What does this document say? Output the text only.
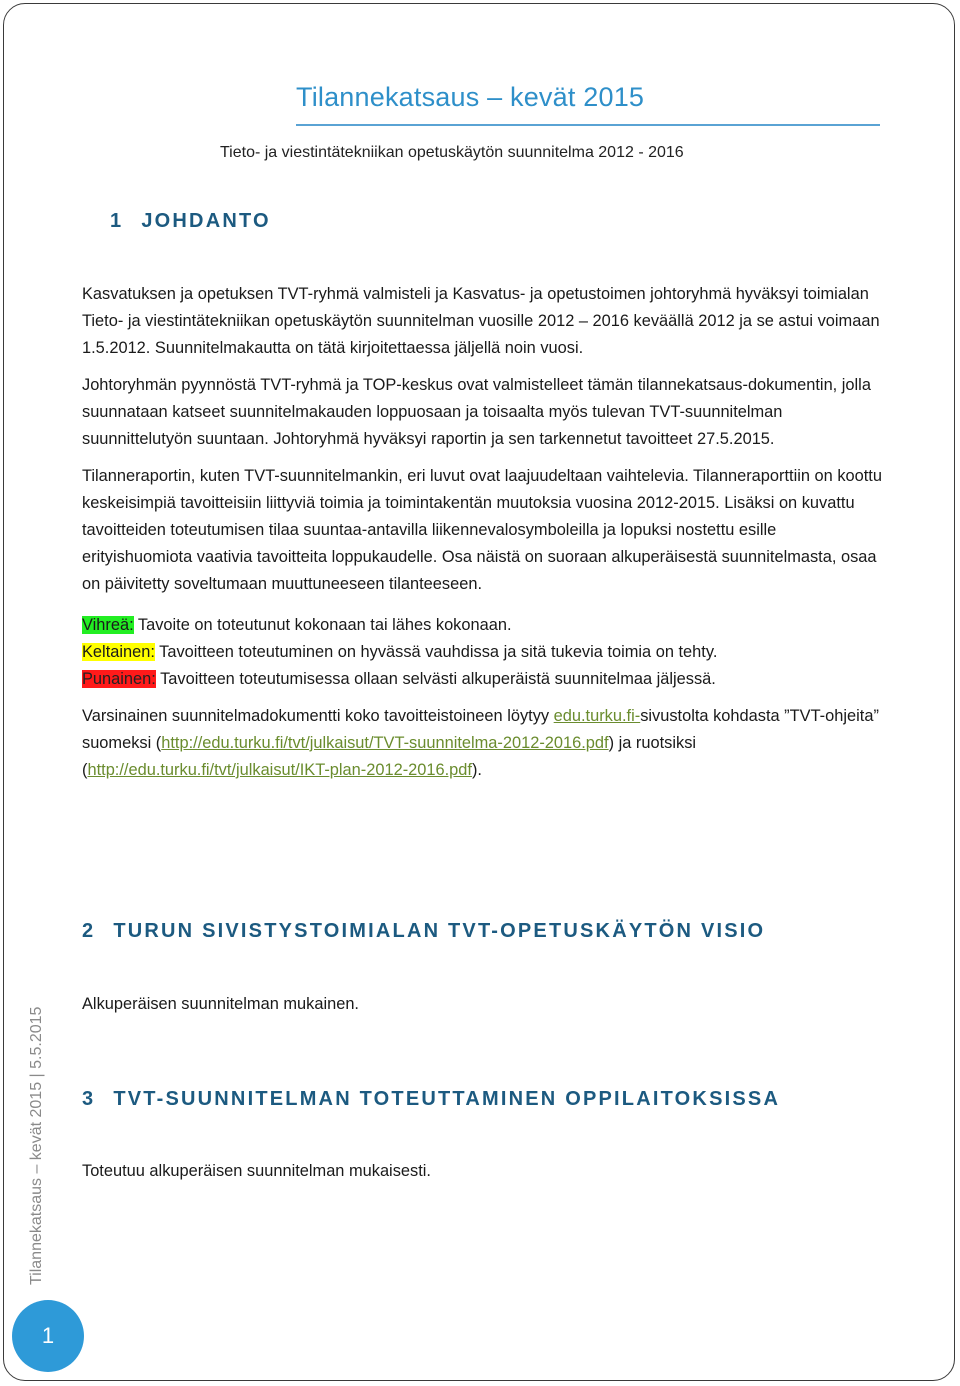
Tilannekatsaus – kevät 2015
Tieto- ja viestintätekniikan opetuskäytön suunnitelma 2012 - 2016
1 JOHDANTO

Kasvatuksen ja opetuksen TVT-ryhmä valmisteli ja Kasvatus- ja opetustoimen johtoryhmä hyväksyi toimialan Tieto- ja viestintätekniikan opetuskäytön suunnitelman vuosille 2012 – 2016 keväällä 2012 ja se astui voimaan 1.5.2012. Suunnitelmakautta on tätä kirjoitettaessa jäljellä noin vuosi.

Johtoryhmän pyynnöstä TVT-ryhmä ja TOP-keskus ovat valmistelleet tämän tilannekatsaus-dokumentin, jolla suunnataan katseet suunnitelmakauden loppuosaan ja toisaalta myös tulevan TVT-suunnitelman suunnittelutyön suuntaan. Johtoryhmä hyväksyi raportin ja sen tarkennetut tavoitteet 27.5.2015.

Tilanneraportin, kuten TVT-suunnitelmankin, eri luvut ovat laajuudeltaan vaihtelevia. Tilanneraporttiin on koottu keskeisimpiä tavoitteisiin liittyviä toimia ja toimintakentän muutoksia vuosina 2012-2015. Lisäksi on kuvattu tavoitteiden toteutumisen tilaa suuntaa-antavilla liikennevalosymboleilla ja lopuksi nostettu esille erityishuomiota vaativia tavoitteita loppukaudelle. Osa näistä on suoraan alkuperäisestä suunnitelmasta, osaa on päivitetty soveltumaan muuttuneeseen tilanteeseen.

Vihreä: Tavoite on toteutunut kokonaan tai lähes kokonaan.

Keltainen: Tavoitteen toteutuminen on hyvässä vauhdissa ja sitä tukevia toimia on tehty.

Punainen: Tavoitteen toteutumisessa ollaan selvästi alkuperäistä suunnitelmaa jäljessä.

Varsinainen suunnitelmadokumentti koko tavoitteistoineen löytyy edu.turku.fi-sivustolta kohdasta ”TVT-ohjeita” suomeksi (http://edu.turku.fi/tvt/julkaisut/TVT-suunnitelma-2012-2016.pdf) ja ruotsiksi (http://edu.turku.fi/tvt/julkaisut/IKT-plan-2012-2016.pdf).

2 TURUN SIVISTYSTOIMIALAN TVT-OPETUSKÄYTÖN VISIO

Alkuperäisen suunnitelman mukainen.

3 TVT-SUUNNITELMAN TOTEUTTAMINEN OPPILAITOKSISSA

Toteutuu alkuperäisen suunnitelman mukaisesti.

Tilannekatsaus – kevät 2015 | 5.5.2015
1
